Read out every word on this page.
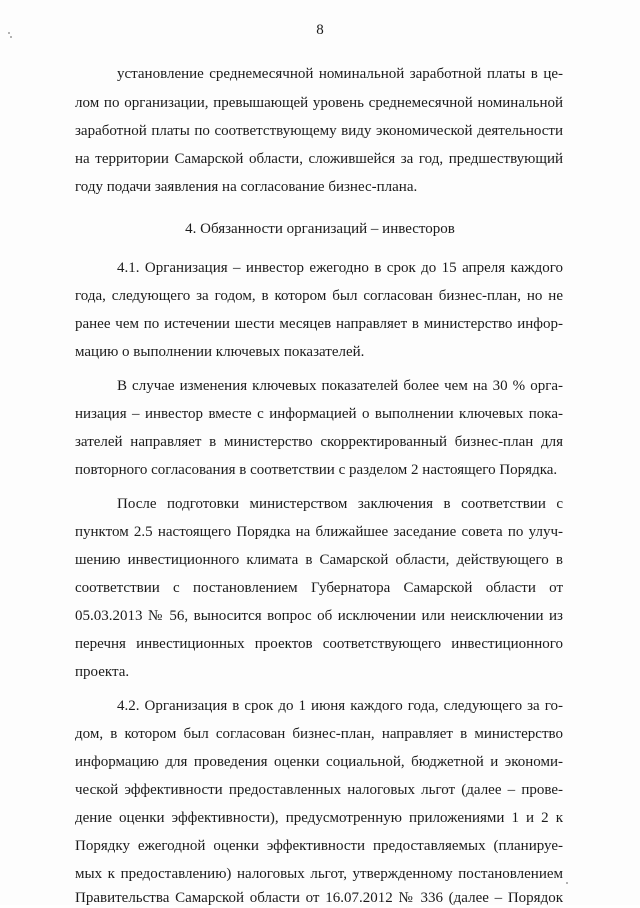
8
установление среднемесячной номинальной заработной платы в це-
лом по организации, превышающей уровень среднемесячной номинальной
заработной платы по соответствующему виду экономической деятельности
на территории Самарской области, сложившейся за год, предшествующий
году подачи заявления на согласование бизнес-плана.
4. Обязанности организаций – инвесторов
4.1. Организация – инвестор ежегодно в срок до 15 апреля каждого
года, следующего за годом, в котором был согласован бизнес-план, но не
ранее чем по истечении шести месяцев направляет в министерство инфор-
мацию о выполнении ключевых показателей.
В случае изменения ключевых показателей более чем на 30 % орга-
низация – инвестор вместе с информацией о выполнении ключевых пока-
зателей направляет в министерство скорректированный бизнес-план для
повторного согласования в соответствии с разделом 2 настоящего Порядка.
После подготовки министерством заключения в соответствии с
пунктом 2.5 настоящего Порядка на ближайшее заседание совета по улуч-
шению инвестиционного климата в Самарской области, действующего в
соответствии с постановлением Губернатора Самарской области от
05.03.2013 № 56, выносится вопрос об исключении или неисключении из
перечня инвестиционных проектов соответствующего инвестиционного
проекта.
4.2. Организация в срок до 1 июня каждого года, следующего за го-
дом, в котором был согласован бизнес-план, направляет в министерство
информацию для проведения оценки социальной, бюджетной и экономи-
ческой эффективности предоставленных налоговых льгот (далее – прове-
дение оценки эффективности), предусмотренную приложениями 1 и 2 к
Порядку ежегодной оценки эффективности предоставляемых (планируе-
мых к предоставлению) налоговых льгот, утвержденному постановлением
Правительства Самарской области от 16.07.2012 № 336 (далее – Порядок
